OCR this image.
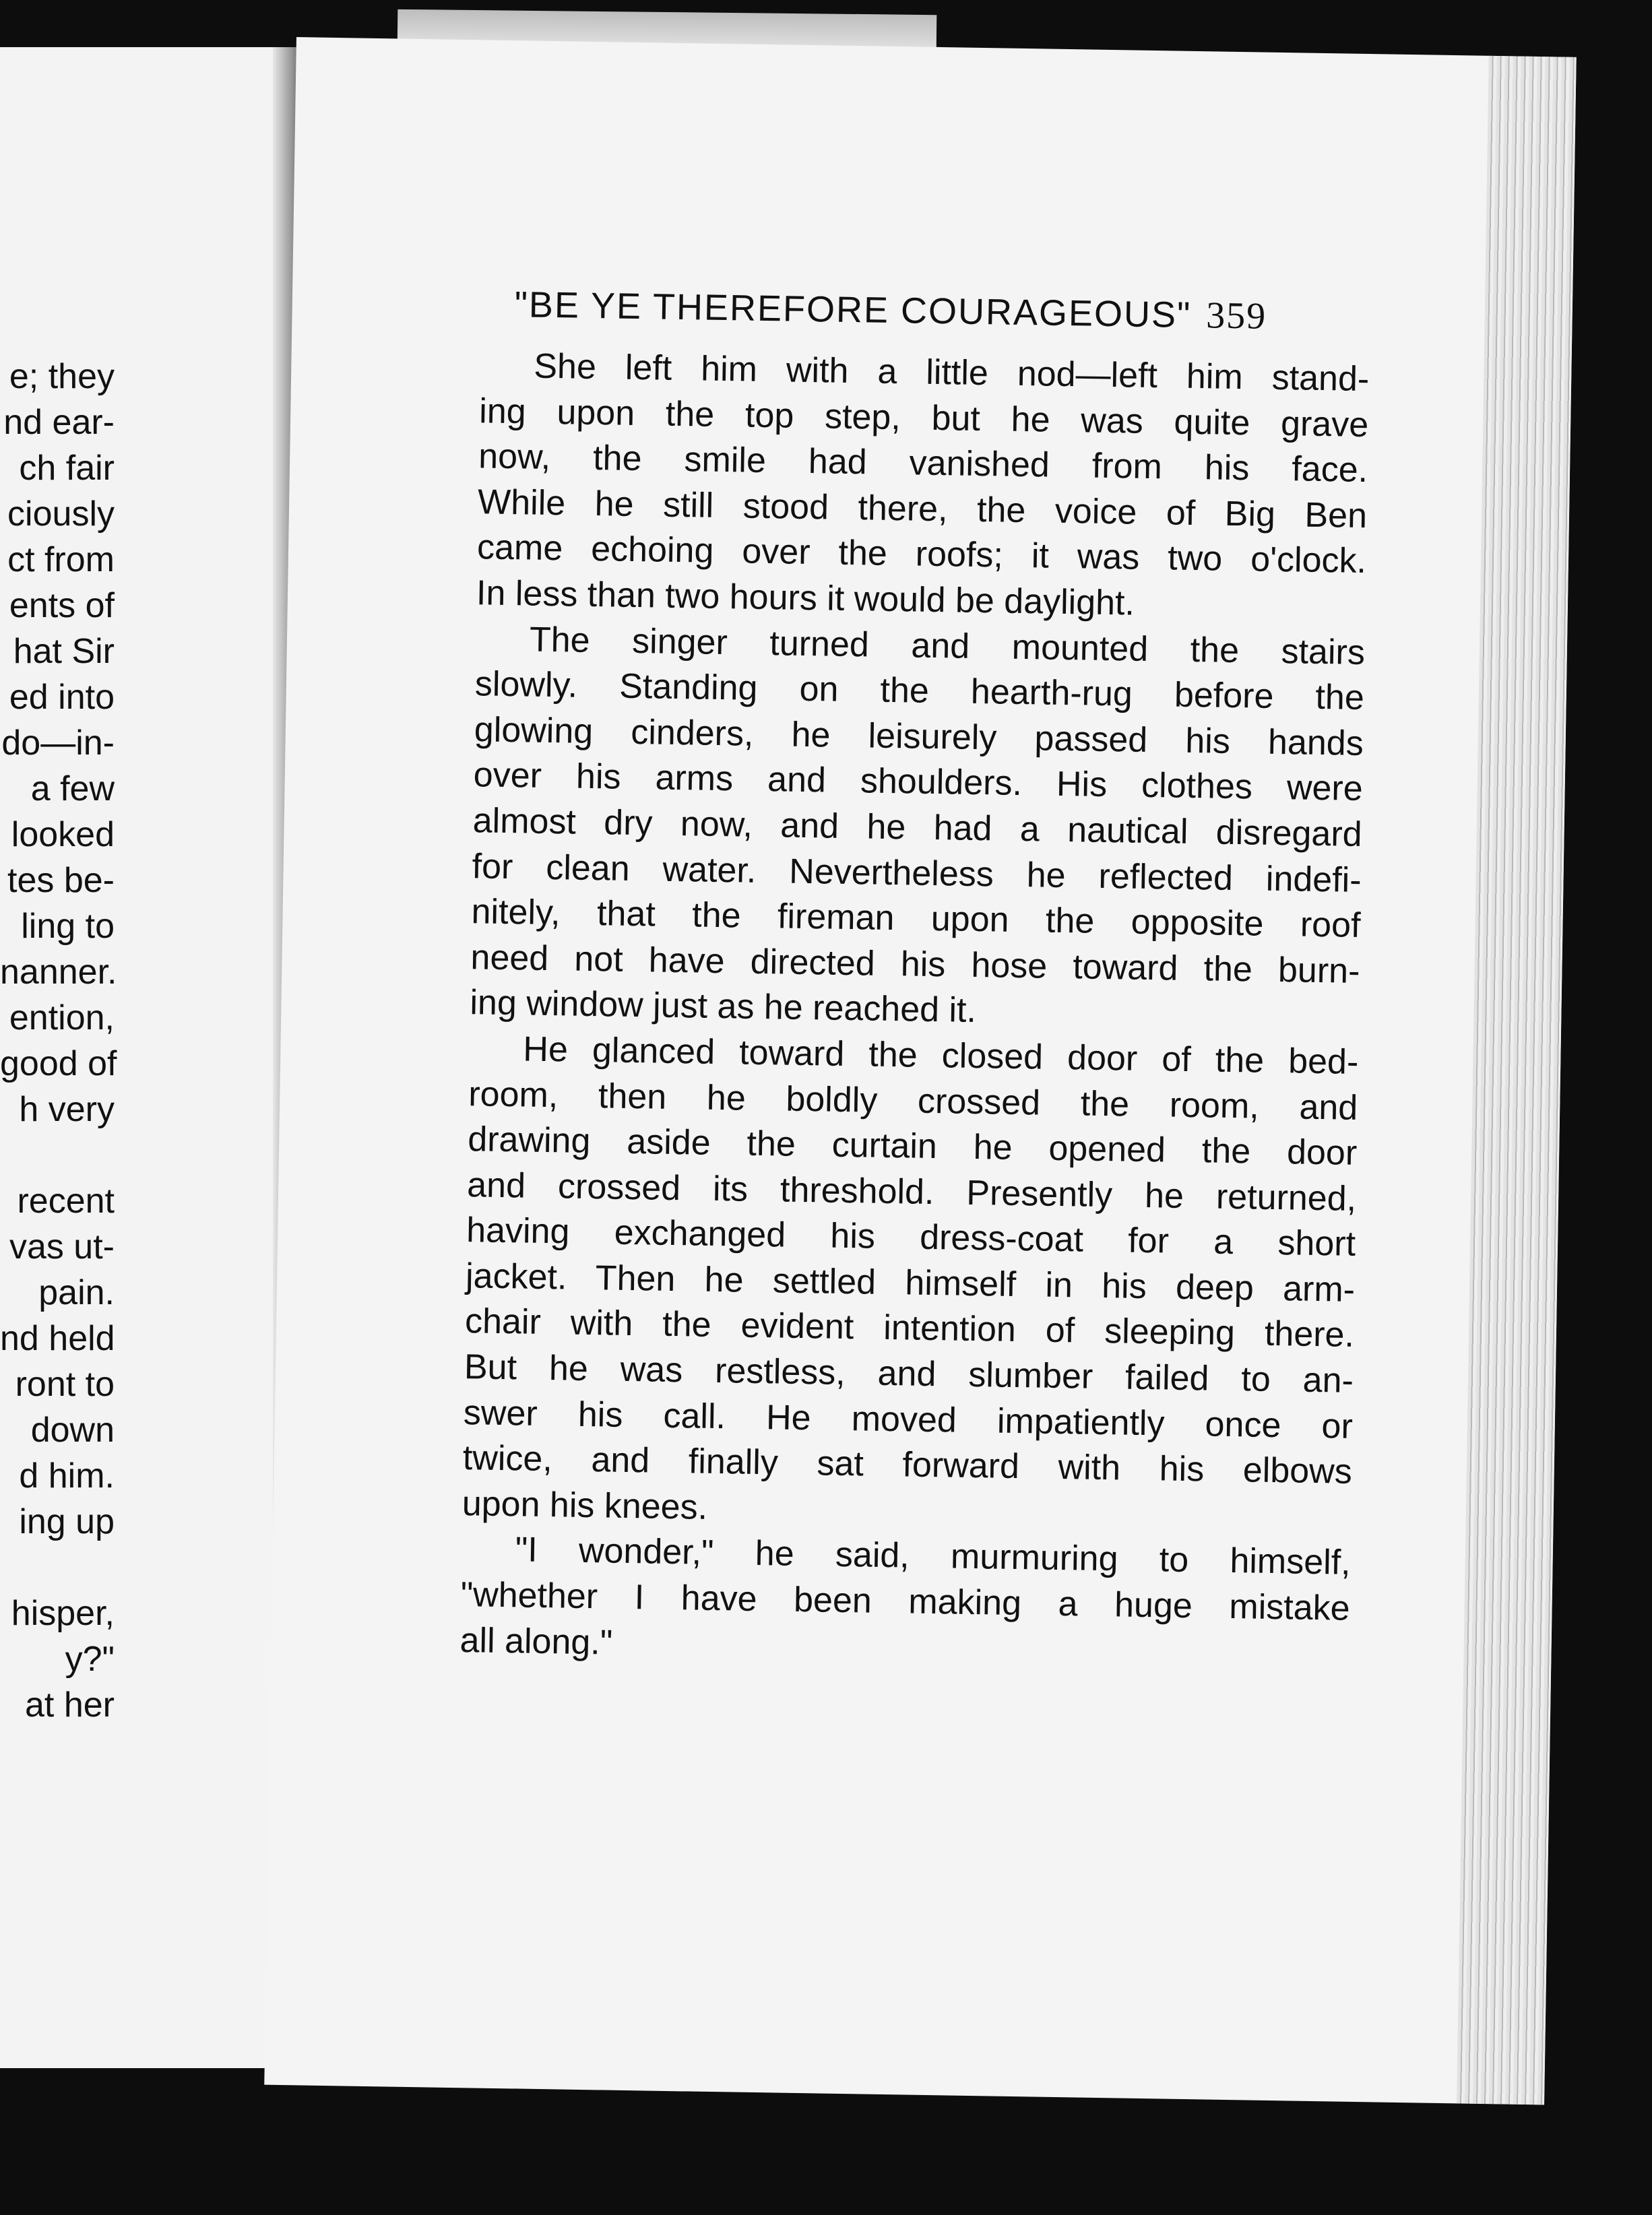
e; they
nd ear-
ch fair
ciously
ct from
ents of
hat Sir
ed into
do—in-
a few
looked
tes be-
ling to
nanner.
ention,
good of
h very
recent
vas ut-
pain.
nd held
ront to
down
d him.
ing up
hisper,
y?"
at her
"BE YE THEREFORE COURAGEOUS" 359

She left him with a little nod—left him stand-
ing upon the top step, but he was quite grave
now, the smile had vanished from his face.
While he still stood there, the voice of Big Ben
came echoing over the roofs; it was two o'clock.
In less than two hours it would be daylight.

The singer turned and mounted the stairs
slowly. Standing on the hearth-rug before the
glowing cinders, he leisurely passed his hands
over his arms and shoulders. His clothes were
almost dry now, and he had a nautical disregard
for clean water. Nevertheless he reflected indefi-
nitely, that the fireman upon the opposite roof
need not have directed his hose toward the burn-
ing window just as he reached it.

He glanced toward the closed door of the bed-
room, then he boldly crossed the room, and
drawing aside the curtain he opened the door
and crossed its threshold. Presently he returned,
having exchanged his dress-coat for a short
jacket. Then he settled himself in his deep arm-
chair with the evident intention of sleeping there.
But he was restless, and slumber failed to an-
swer his call. He moved impatiently once or
twice, and finally sat forward with his elbows
upon his knees.

"I wonder," he said, murmuring to himself,
"whether I have been making a huge mistake
all along."
